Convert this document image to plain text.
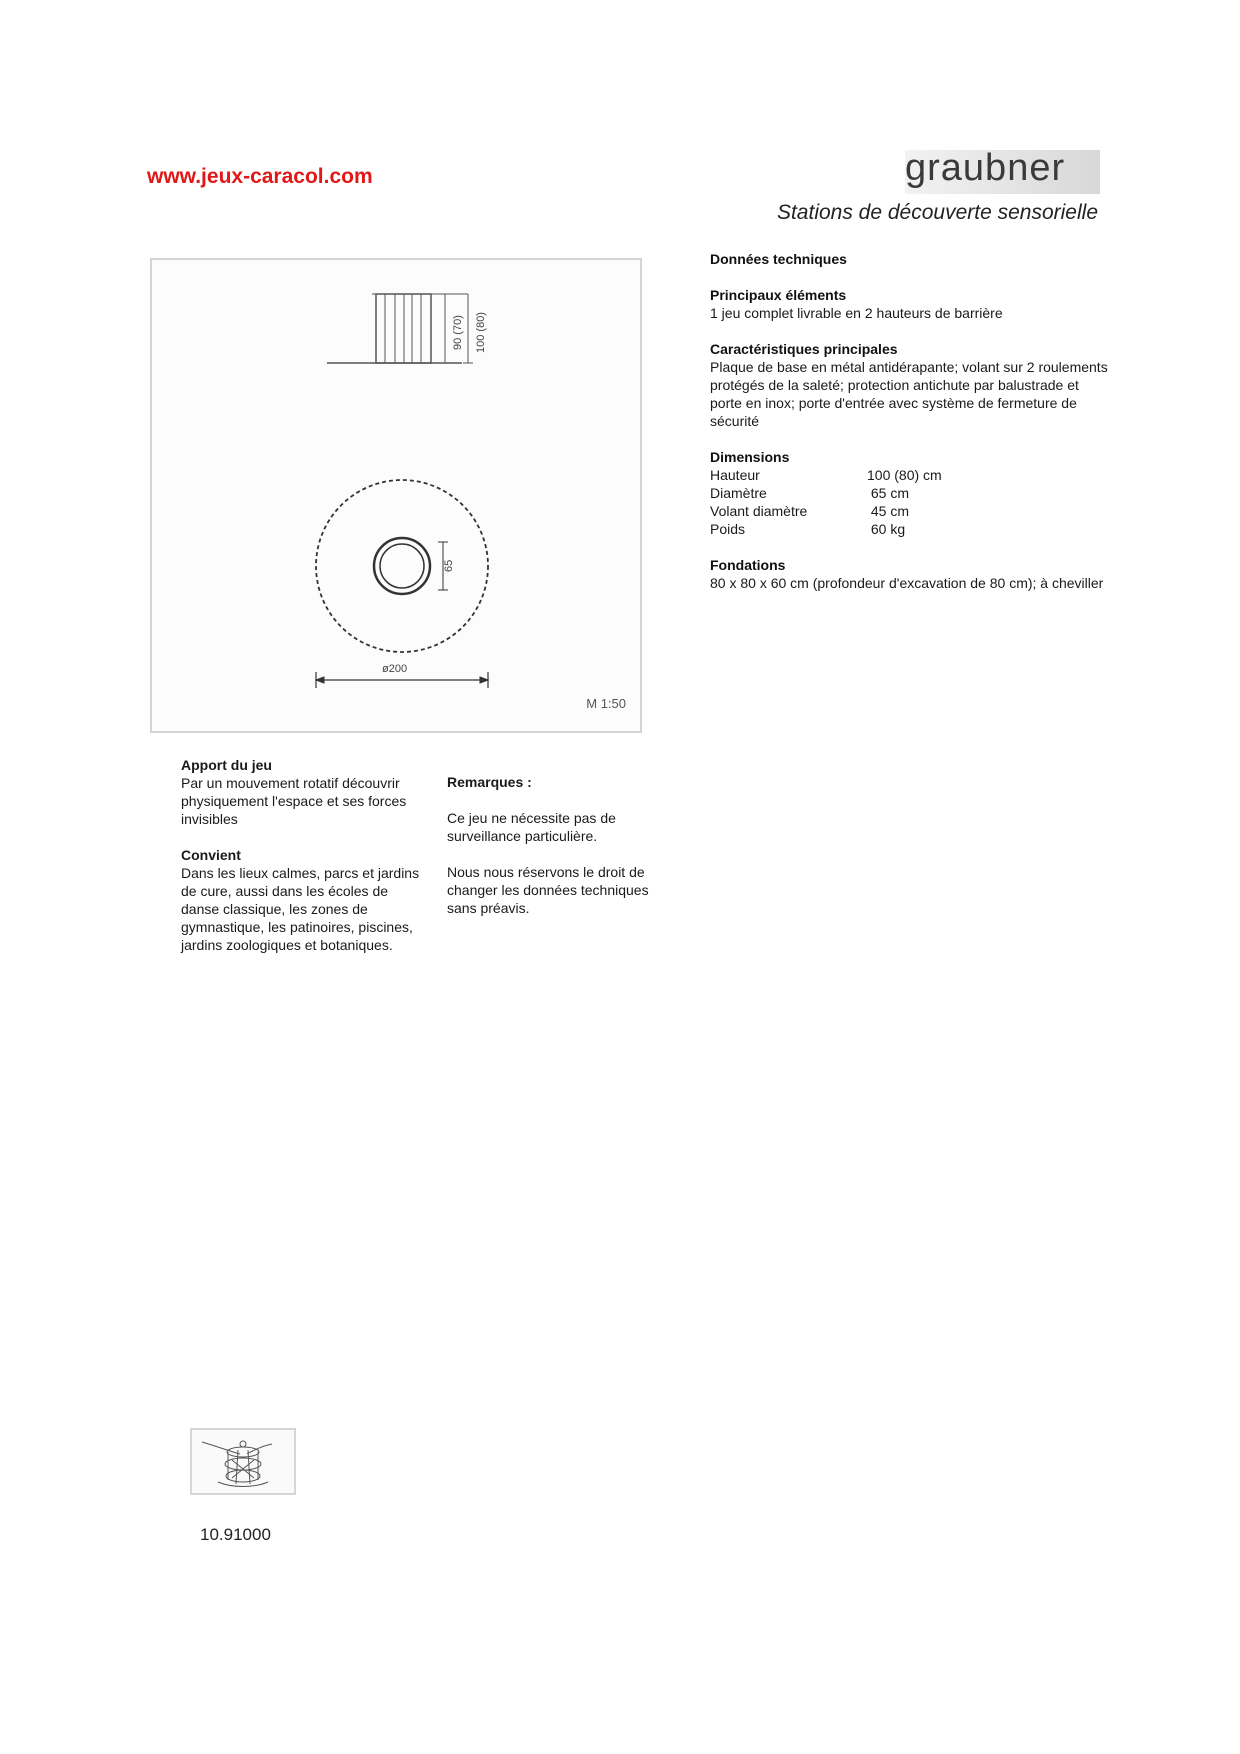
www.jeux-caracol.com	graubner
Stations de découverte sensorielle
90 (70) 100 (80)
65
ø200
M 1:50
Données techniques
Principaux éléments

1 jeu complet livrable en 2 hauteurs de barrière

Caractéristiques principales

Plaque de base en métal antidérapante; volant sur 2 roulements protégés de la saleté; protection antichute par balustrade et porte en inox; porte d'entrée avec système de fermeture de sécurité

Dimensions
Hauteur	100 (80) cm
Diamètre	65 cm
Volant diamètre	45 cm
Poids	60 kg
Fondations

80 x 80 x 60 cm (profondeur d'excavation de 80 cm); à cheviller

Apport du jeu

Par un mouvement rotatif découvrir physiquement l'espace et ses forces invisibles

Convient

Dans les lieux calmes, parcs et jardins de cure, aussi dans les écoles de danse classique, les zones de gymnastique, les patinoires, piscines, jardins zoologiques et botaniques.

Remarques :

Ce jeu ne nécessite pas de surveillance particulière.

Nous nous réservons le droit de changer les données techniques sans préavis.

10.91000
